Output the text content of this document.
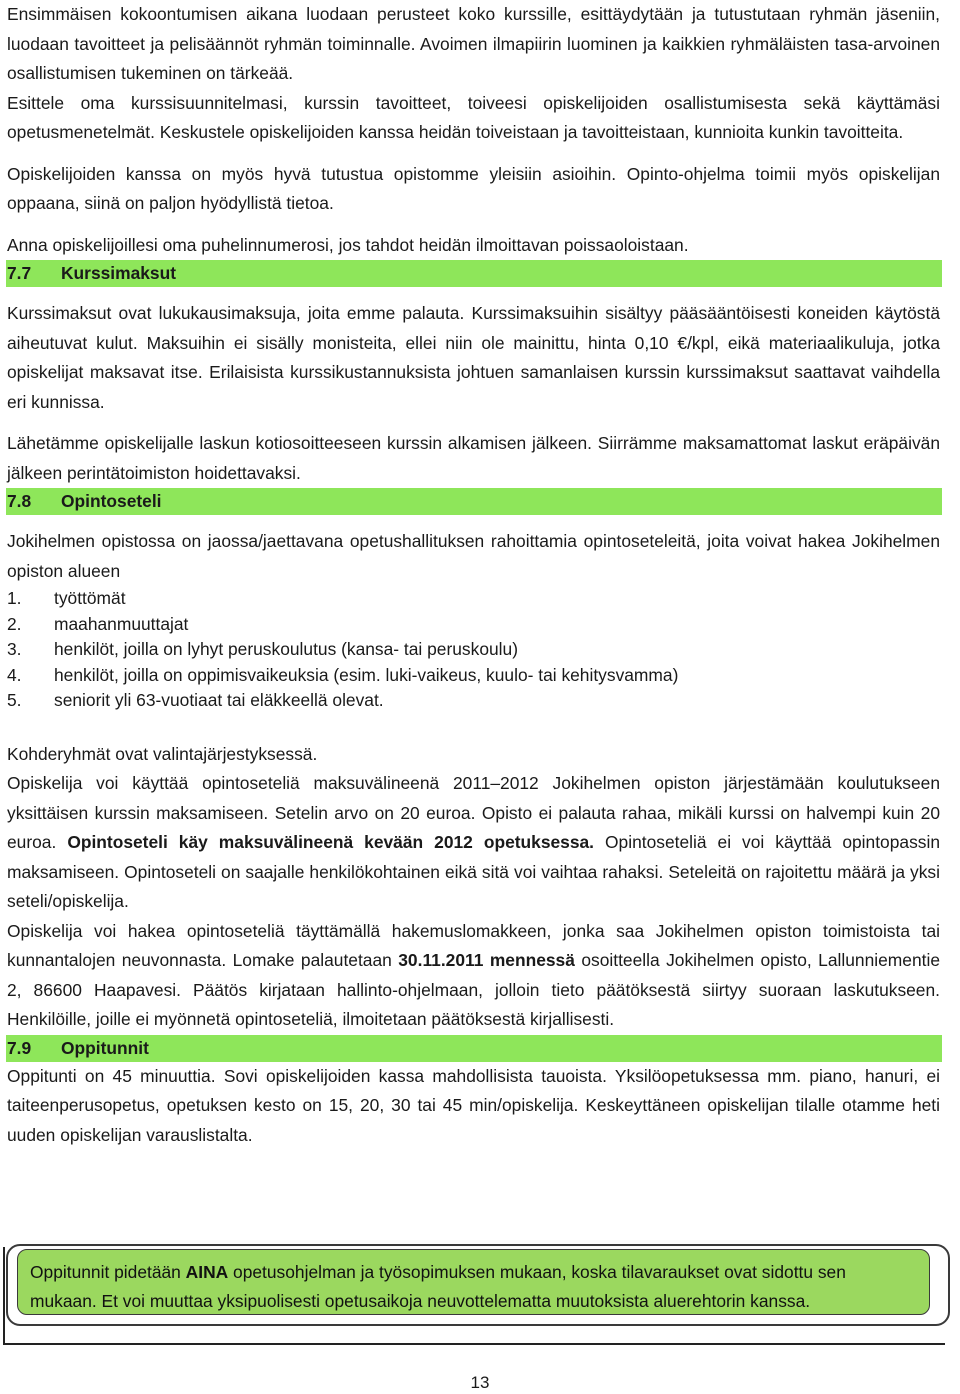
Ensimmäisen kokoontumisen aikana luodaan perusteet koko kurssille, esittäydytään ja tutustutaan ryhmän jäseniin, luodaan tavoitteet ja pelisäännöt ryhmän toiminnalle. Avoimen ilmapiirin luominen ja kaikkien ryhmäläisten tasa-arvoinen osallistumisen tukeminen on tärkeää.

Esittele oma kurssisuunnitelmasi, kurssin tavoitteet, toiveesi opiskelijoiden osallistumisesta sekä käyttämäsi opetusmenetelmät. Keskustele opiskelijoiden kanssa heidän toiveistaan ja tavoitteistaan, kunnioita kunkin tavoitteita.

Opiskelijoiden kanssa on myös hyvä tutustua opistomme yleisiin asioihin. Opinto-ohjelma toimii myös opiskelijan oppaana, siinä on paljon hyödyllistä tietoa.

Anna opiskelijoillesi oma puhelinnumerosi, jos tahdot heidän ilmoittavan poissaoloistaan.

7.7 Kurssimaksut

Kurssimaksut ovat lukukausimaksuja, joita emme palauta. Kurssimaksuihin sisältyy pääsääntöisesti koneiden käytöstä aiheutuvat kulut. Maksuihin ei sisälly monisteita, ellei niin ole mainittu, hinta 0,10 €/kpl, eikä materiaalikuluja, jotka opiskelijat maksavat itse. Erilaisista kurssikustannuksista johtuen samanlaisen kurssin kurssimaksut saattavat vaihdella eri kunnissa.

Lähetämme opiskelijalle laskun kotiosoitteeseen kurssin alkamisen jälkeen. Siirrämme maksamattomat laskut eräpäivän jälkeen perintätoimiston hoidettavaksi.

7.8 Opintoseteli

Jokihelmen opistossa on jaossa/jaettavana opetushallituksen rahoittamia opintoseteleitä, joita voivat hakea Jokihelmen opiston alueen

1. työttömät
2. maahanmuuttajat
3. henkilöt, joilla on lyhyt peruskoulutus (kansa- tai peruskoulu)
4. henkilöt, joilla on oppimisvaikeuksia (esim. luki-vaikeus, kuulo- tai kehitysvamma)
5. seniorit yli 63-vuotiaat tai eläkkeellä olevat.

Kohderyhmät ovat valintajärjestyksessä.

Opiskelija voi käyttää opintoseteliä maksuvälineenä 2011–2012 Jokihelmen opiston järjestämään koulutukseen yksittäisen kurssin maksamiseen. Setelin arvo on 20 euroa. Opisto ei palauta rahaa, mikäli kurssi on halvempi kuin 20 euroa. Opintoseteli käy maksuvälineenä kevään 2012 opetuksessa. Opintoseteliä ei voi käyttää opintopassin maksamiseen. Opintoseteli on saajalle henkilökohtainen eikä sitä voi vaihtaa rahaksi. Seteleitä on rajoitettu määrä ja yksi seteli/opiskelija.

Opiskelija voi hakea opintoseteliä täyttämällä hakemuslomakkeen, jonka saa Jokihelmen opiston toimistoista tai kunnantalojen neuvonnasta. Lomake palautetaan 30.11.2011 mennessä osoitteella Jokihelmen opisto, Lallunniementie 2, 86600 Haapavesi. Päätös kirjataan hallinto-ohjelmaan, jolloin tieto päätöksestä siirtyy suoraan laskutukseen. Henkilöille, joille ei myönnetä opintoseteliä, ilmoitetaan päätöksestä kirjallisesti.

7.9 Oppitunnit

Oppitunti on 45 minuuttia. Sovi opiskelijoiden kassa mahdollisista tauoista. Yksilöopetuksessa mm. piano, hanuri, ei taiteenperusopetus, opetuksen kesto on 15, 20, 30 tai 45 min/opiskelija. Keskeyttäneen opiskelijan tilalle otamme heti uuden opiskelijan varauslistalta.

Oppitunnit pidetään AINA opetusohjelman ja työsopimuksen mukaan, koska tilavaraukset ovat sidottu sen mukaan. Et voi muuttaa yksipuolisesti opetusaikoja neuvottelematta muutoksista aluerehtorin kanssa.

13
